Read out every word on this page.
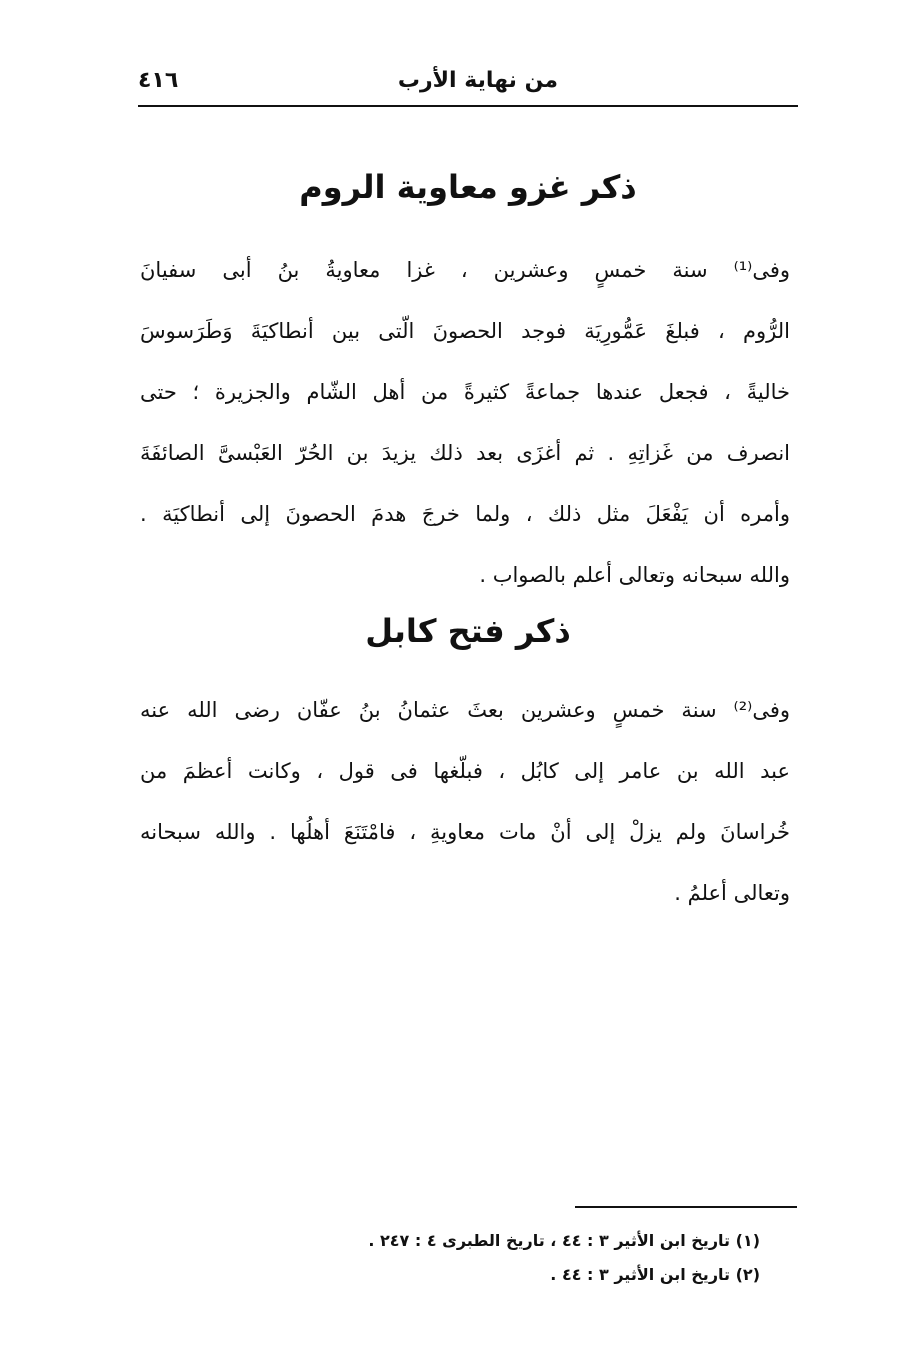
من نهاية الأرب
٤١٦
ذكر غزو معاوية الروم
وفى⁽¹⁾ سنة خمسٍ وعشرين ، غزا معاويةُ بنُ أبى سفيانَ
الرُّوم ، فبلغَ عَمُّورِيَة فوجد الحصونَ الّتى بين أنطاكيَةَ وَطَرَسوسَ
خاليةً ، فجعل عندها جماعةً كثيرةً من أهل الشّام والجزيرة ؛ حتى
انصرف من غَزاتِهِ . ثم أغزَى بعد ذلك يزيدَ بن الحُرّ العَبْسىَّ الصائفَةَ
وأمره أن يَفْعَلَ مثل ذلك ، ولما خرجَ هدمَ الحصونَ إلى أنطاكيَة .
والله سبحانه وتعالى أعلم بالصواب .
ذكر فتح كابل
وفى⁽²⁾ سنة خمسٍ وعشرين بعثَ عثمانُ بنُ عفّان رضى الله عنه
عبد الله بن عامر إلى كابُل ، فبلّغها فى قول ، وكانت أعظمَ من
خُراسانَ ولم يزلْ إلى أنْ مات معاويةِ ، فامْتَنَعَ أهلُها . والله سبحانه
وتعالى أعلمُ .
(١) تاريخ ابن الأثير ٣ : ٤٤ ، تاريخ الطبرى ٤ : ٢٤٧ .
(٢) تاريخ ابن الأثير ٣ : ٤٤ .
